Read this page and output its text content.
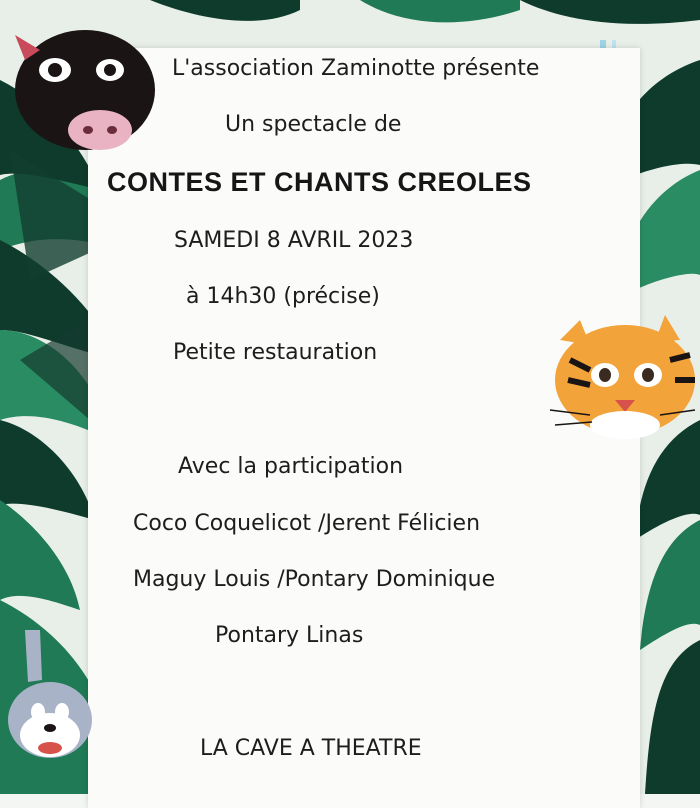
L'association Zaminotte présente
Un spectacle de
CONTES ET CHANTS CREOLES
SAMEDI 8 AVRIL 2023
à 14h30 (précise)
Petite restauration
Avec la participation
Coco Coquelicot /Jerent Félicien
Maguy Louis /Pontary Dominique
Pontary Linas
LA CAVE A THEATRE
